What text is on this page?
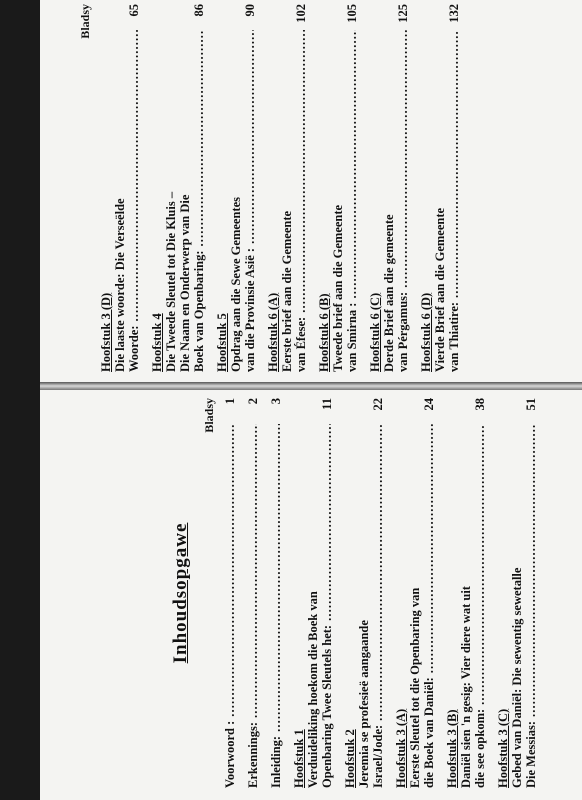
Bladsy
Hoofstuk 3 (D) Die laaste woorde: Die Verseëlde Woorde:
. . .
65
Hoofstuk 4 Die Tweede Sleutel tot Die Kluis – Die Naam en Onderwerp van Die Boek van Openbaring:
. . .
86
Hoofstuk 5 Opdrag aan die Sewe Gemeentes van die Provinsie Asië :
. . .
90
Hoofstuk 6 (A) Eerste brief aan die Gemeente van Éfese:
. . .
102
Hoofstuk 6 (B) Tweede brief aan die Gemeente van Smirna :
. . .
105
Hoofstuk 6 (C) Derde Brief aan die gemeente van Pérgamus:
. . .
125
Hoofstuk 6 (D) Vierde Brief aan die Gemeente van Thiatire:
. . .
132
Inhoudsopgawe
Bladsy
Voorwoord :
. . .
1
Erkennings:
. . .
2
Inleiding:
. . .
3
Hoofstuk 1 Verduideliking hoekom die Boek van Openbaring Twee Sleutels het:
. . .
11
Hoofstuk 2 Jeremia se profesieë aangaande Israel/Jode:
. . .
22
Hoofstuk 3 (A) Eerste Sleutel tot die Openbaring van die Boek van Daniël:
. . .
24
Hoofstuk 3 (B) Daniël sien 'n gesig: Vier diere wat uit die see opkom:
. . .
38
Hoofstuk 3 (C) Gebed van Daniël: Die sewentig sewetalle Die Messias:
. . .
51
